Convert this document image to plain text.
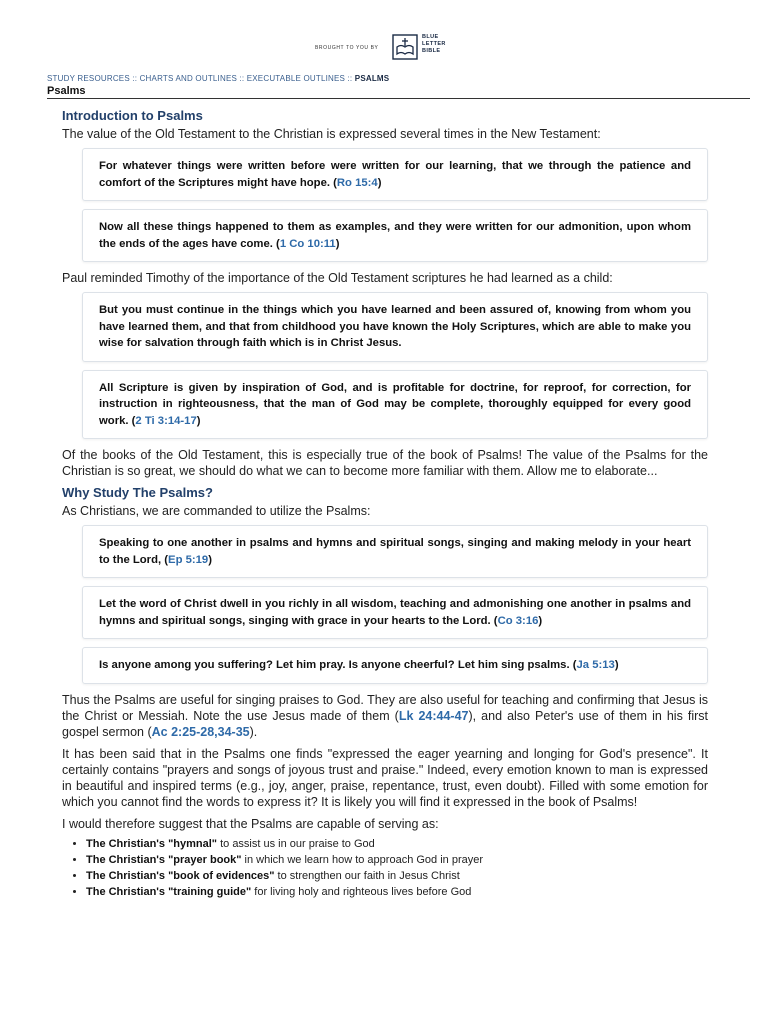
BROUGHT TO YOU BY
BLUE
LETTER
BIBLE
STUDY RESOURCES :: CHARTS AND OUTLINES :: EXECUTABLE OUTLINES :: PSALMS
Psalms
Introduction to Psalms

The value of the Old Testament to the Christian is expressed several times in the New Testament:

For whatever things were written before were written for our learning, that we through the patience and comfort of the Scriptures might have hope. (Ro 15:4)
Now all these things happened to them as examples, and they were written for our admonition, upon whom the ends of the ages have come. (1 Co 10:11)

Paul reminded Timothy of the importance of the Old Testament scriptures he had learned as a child:

But you must continue in the things which you have learned and been assured of, knowing from whom you have learned them, and that from childhood you have known the Holy Scriptures, which are able to make you wise for salvation through faith which is in Christ Jesus.
All Scripture is given by inspiration of God, and is profitable for doctrine, for reproof, for correction, for instruction in righteousness, that the man of God may be complete, thoroughly equipped for every good work. (2 Ti 3:14-17)

Of the books of the Old Testament, this is especially true of the book of Psalms! The value of the Psalms for the Christian is so great, we should do what we can to become more familiar with them. Allow me to elaborate...

Why Study The Psalms?

As Christians, we are commanded to utilize the Psalms:

Speaking to one another in psalms and hymns and spiritual songs, singing and making melody in your heart to the Lord, (Ep 5:19)
Let the word of Christ dwell in you richly in all wisdom, teaching and admonishing one another in psalms and hymns and spiritual songs, singing with grace in your hearts to the Lord. (Co 3:16)
Is anyone among you suffering? Let him pray. Is anyone cheerful? Let him sing psalms. (Ja 5:13)

Thus the Psalms are useful for singing praises to God. They are also useful for teaching and confirming that Jesus is the Christ or Messiah. Note the use Jesus made of them (Lk 24:44-47), and also Peter's use of them in his first gospel sermon (Ac 2:25-28,34-35).

It has been said that in the Psalms one finds "expressed the eager yearning and longing for God's presence". It certainly contains "prayers and songs of joyous trust and praise." Indeed, every emotion known to man is expressed in beautiful and inspired terms (e.g., joy, anger, praise, repentance, trust, even doubt). Filled with some emotion for which you cannot find the words to express it? It is likely you will find it expressed in the book of Psalms!

I would therefore suggest that the Psalms are capable of serving as:

• The Christian's "hymnal" to assist us in our praise to God
• The Christian's "prayer book" in which we learn how to approach God in prayer
• The Christian's "book of evidences" to strengthen our faith in Jesus Christ
• The Christian's "training guide" for living holy and righteous lives before God
